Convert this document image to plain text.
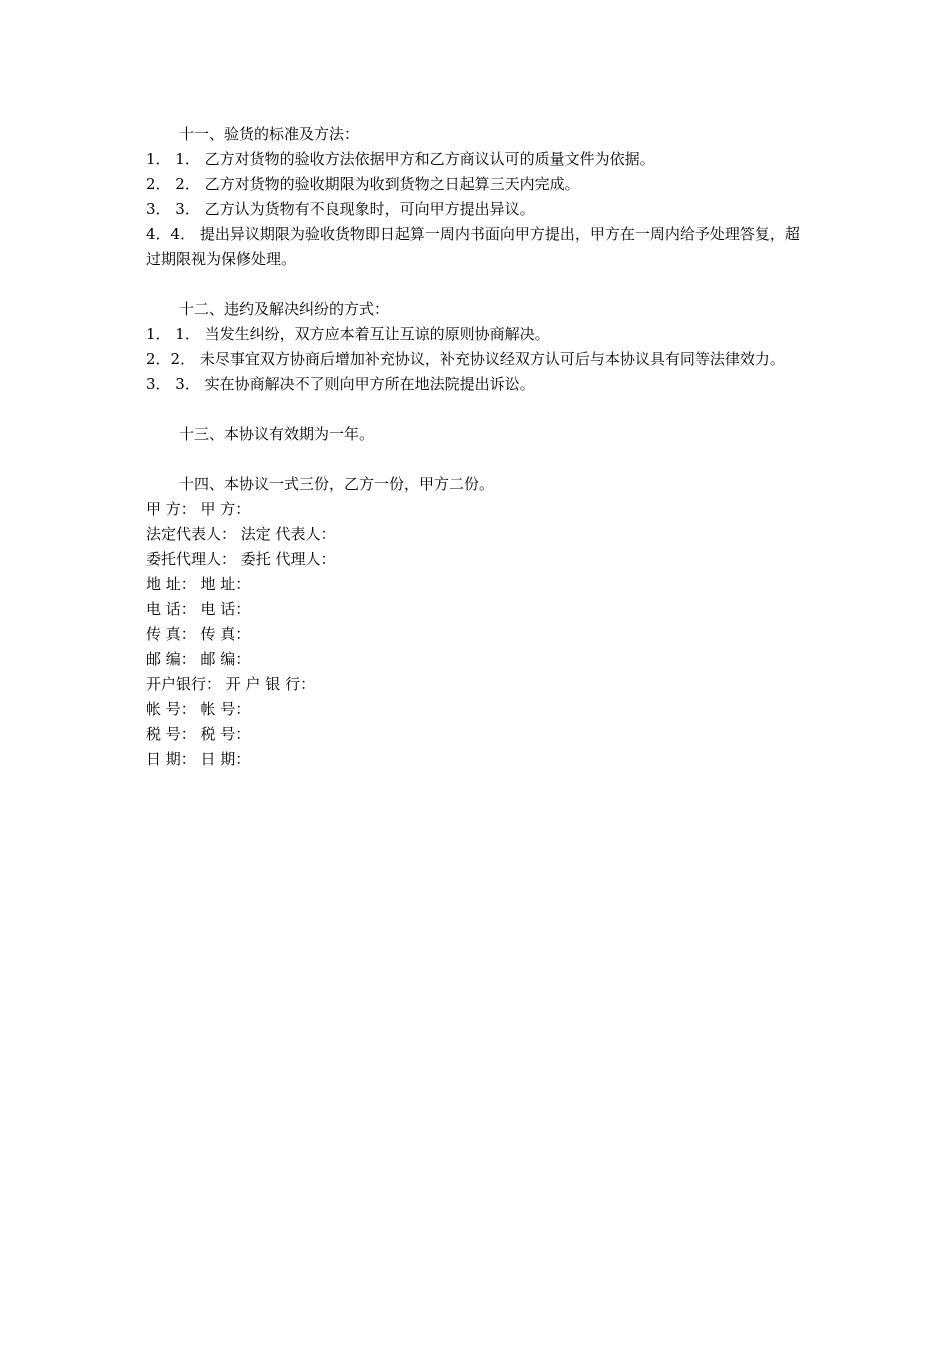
十一、验货的标准及方法：

1． 1． 乙方对货物的验收方法依据甲方和乙方商议认可的质量文件为依据。

2． 2． 乙方对货物的验收期限为收到货物之日起算三天内完成。

3． 3． 乙方认为货物有不良现象时，可向甲方提出异议。

4．4． 提出异议期限为验收货物即日起算一周内书面向甲方提出，甲方在一周内给予处理答复，超过期限视为保修处理。

十二、违约及解决纠纷的方式：

1． 1． 当发生纠纷，双方应本着互让互谅的原则协商解决。

2．2． 未尽事宜双方协商后增加补充协议，补充协议经双方认可后与本协议具有同等法律效力。

3． 3． 实在协商解决不了则向甲方所在地法院提出诉讼。

十三、本协议有效期为一年。

十四、本协议一式三份，乙方一份，甲方二份。

甲 方： 甲 方：

法定代表人： 法定 代表人：

委托代理人： 委托 代理人：

地 址： 地 址：

电 话： 电 话：

传 真： 传 真：

邮 编： 邮 编：

开户银行： 开 户 银 行：

帐 号： 帐 号：

税 号： 税 号：

日 期： 日 期：
